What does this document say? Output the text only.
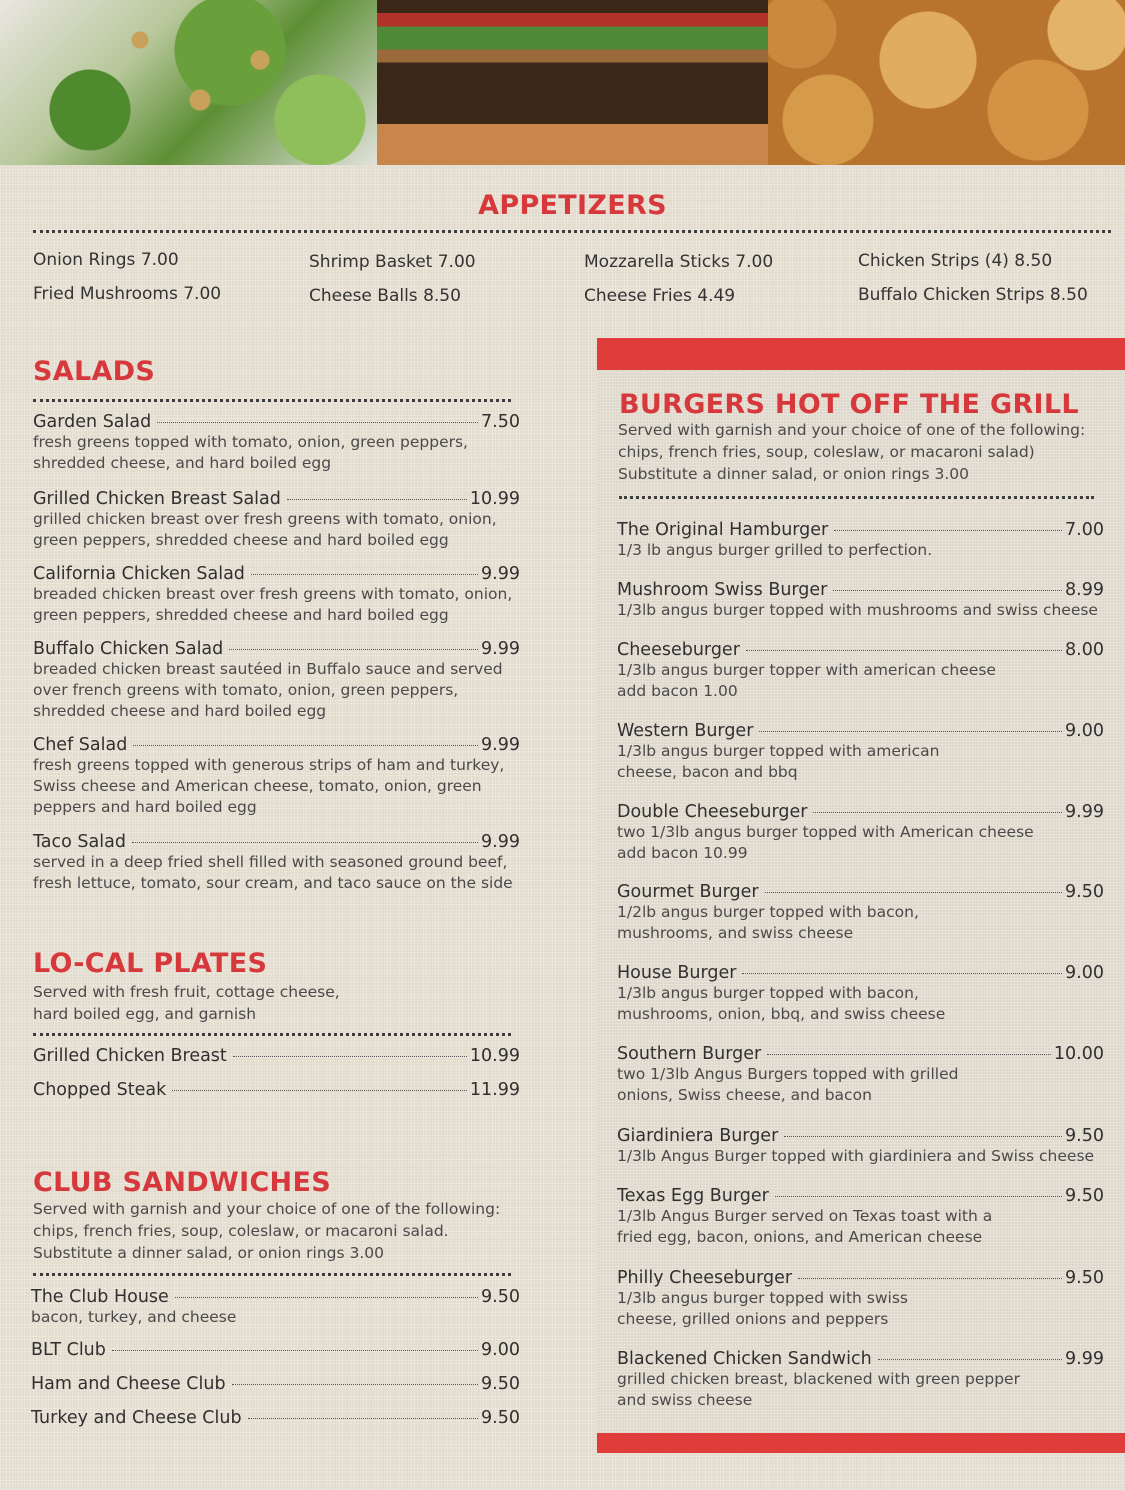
APPETIZERS
Onion Rings 7.00	Shrimp Basket 7.00	Mozzarella Sticks 7.00	Chicken Strips (4) 8.50
Fried Mushrooms 7.00	Cheese Balls 8.50	Cheese Fries 4.49	Buffalo Chicken Strips 8.50
SALADS
Garden Salad	7.50
fresh greens topped with tomato, onion, green peppers,
shredded cheese, and hard boiled egg
Grilled Chicken Breast Salad	10.99
grilled chicken breast over fresh greens with tomato, onion,
green peppers, shredded cheese and hard boiled egg
California Chicken Salad	9.99
breaded chicken breast over fresh greens with tomato, onion,
green peppers, shredded cheese and hard boiled egg
Buffalo Chicken Salad	9.99
breaded chicken breast sautéed in Buffalo sauce and served
over french greens with tomato, onion, green peppers,
shredded cheese and hard boiled egg
Chef Salad	9.99
fresh greens topped with generous strips of ham and turkey,
Swiss cheese and American cheese, tomato, onion, green
peppers and hard boiled egg
Taco Salad	9.99
served in a deep fried shell filled with seasoned ground beef,
fresh lettuce, tomato, sour cream, and taco sauce on the side
LO-CAL PLATES
Served with fresh fruit, cottage cheese,
hard boiled egg, and garnish
Grilled Chicken Breast	10.99
Chopped Steak	11.99
CLUB SANDWICHES
Served with garnish and your choice of one of the following:
chips, french fries, soup, coleslaw, or macaroni salad.
Substitute a dinner salad, or onion rings 3.00
The Club House	9.50
bacon, turkey, and cheese
BLT Club	9.00
Ham and Cheese Club	9.50
Turkey and Cheese Club	9.50
BURGERS HOT OFF THE GRILL
Served with garnish and your choice of one of the following:
chips, french fries, soup, coleslaw, or macaroni salad)
Substitute a dinner salad, or onion rings 3.00
The Original Hamburger	7.00
1/3 lb angus burger grilled to perfection.
Mushroom Swiss Burger	8.99
1/3lb angus burger topped with mushrooms and swiss cheese
Cheeseburger	8.00
1/3lb angus burger topper with american cheese
add bacon 1.00
Western Burger	9.00
1/3lb angus burger topped with american
cheese, bacon and bbq
Double Cheeseburger	9.99
two 1/3lb angus burger topped with American cheese
add bacon 10.99
Gourmet Burger	9.50
1/2lb angus burger topped with bacon,
mushrooms, and swiss cheese
House Burger	9.00
1/3lb angus burger topped with bacon,
mushrooms, onion, bbq, and swiss cheese
Southern Burger	10.00
two 1/3lb Angus Burgers topped with grilled
onions, Swiss cheese, and bacon
Giardiniera Burger	9.50
1/3lb Angus Burger topped with giardiniera and Swiss cheese
Texas Egg Burger	9.50
1/3lb Angus Burger served on Texas toast with a
fried egg, bacon, onions, and American cheese
Philly Cheeseburger	9.50
1/3lb angus burger topped with swiss
cheese, grilled onions and peppers
Blackened Chicken Sandwich	9.99
grilled chicken breast, blackened with green pepper
and swiss cheese
